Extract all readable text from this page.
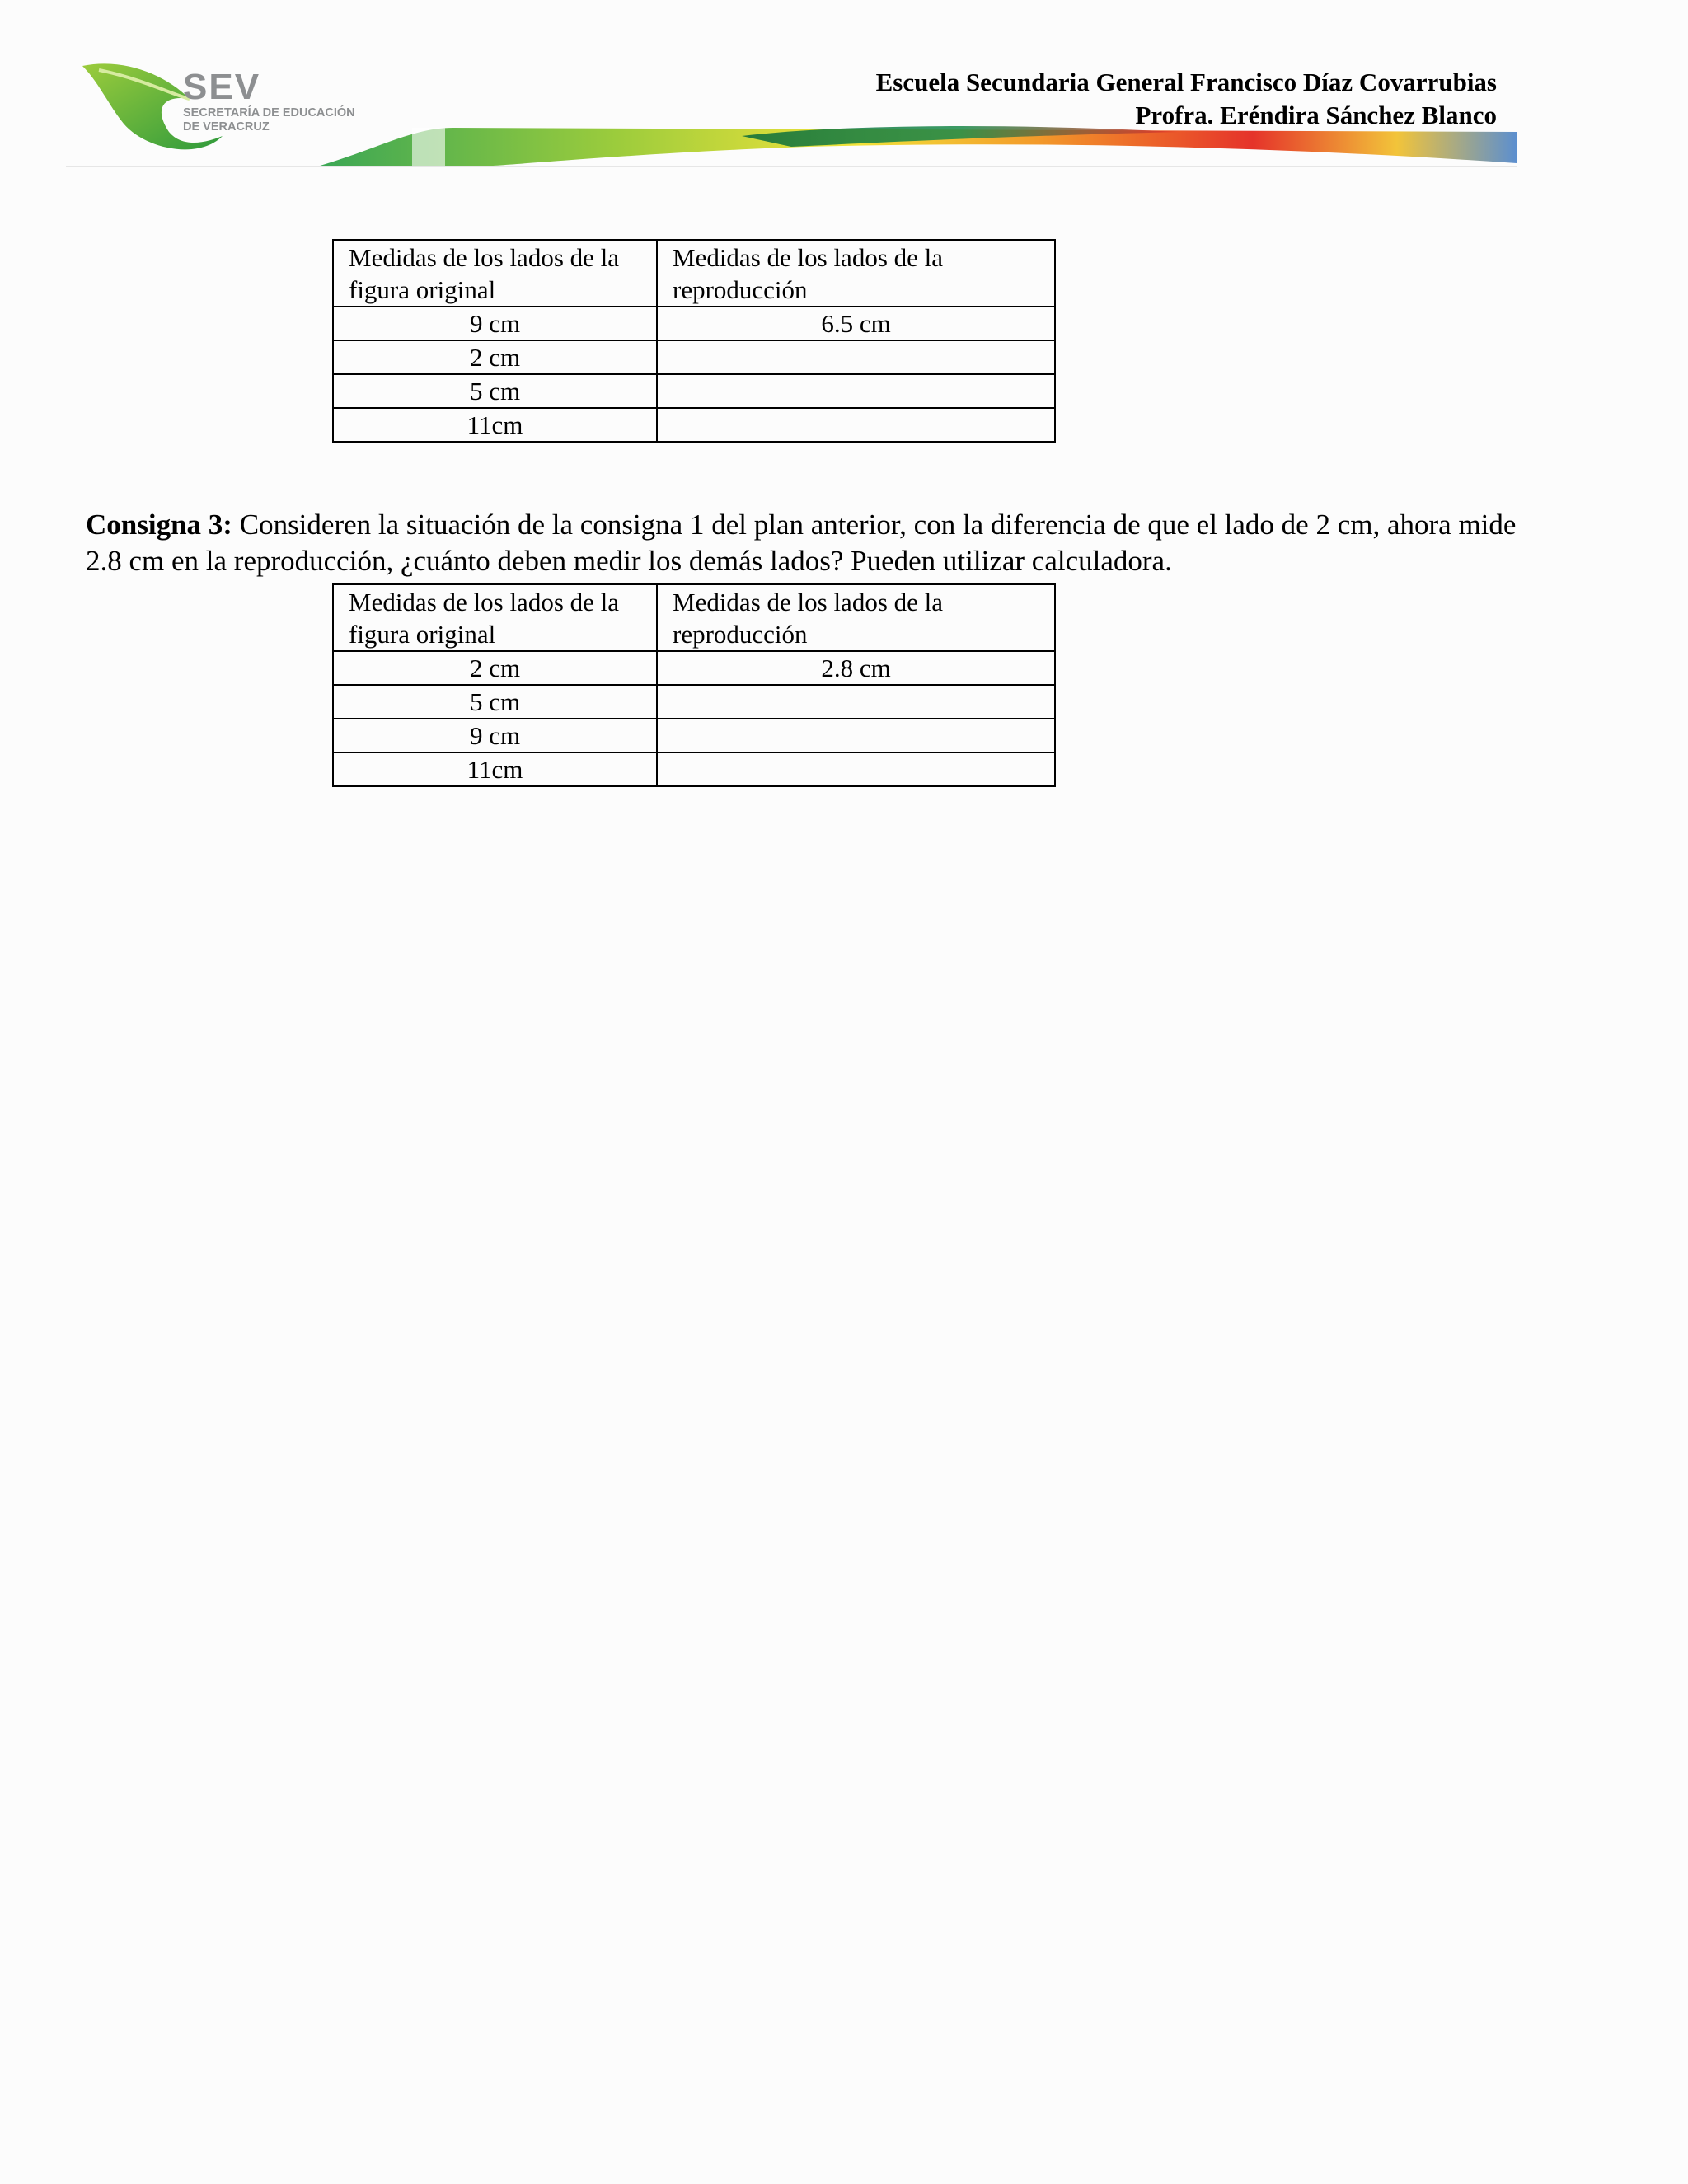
SEV
SECRETARÍA DE EDUCACIÓN
DE VERACRUZ
Escuela Secundaria General Francisco Díaz Covarrubias
Profra. Eréndira Sánchez Blanco
Medidas de los lados de la figura original	Medidas de los lados de la reproducción
9 cm	6.5 cm
2 cm	
5 cm	
11cm	

Consigna 3: Consideren la situación de la consigna 1 del plan anterior, con la diferencia de que el lado de 2 cm, ahora mide 2.8 cm en la reproducción, ¿cuánto deben medir los demás lados? Pueden utilizar calculadora.

Medidas de los lados de la figura original	Medidas de los lados de la reproducción
2 cm	2.8 cm
5 cm	
9 cm	
11cm	
